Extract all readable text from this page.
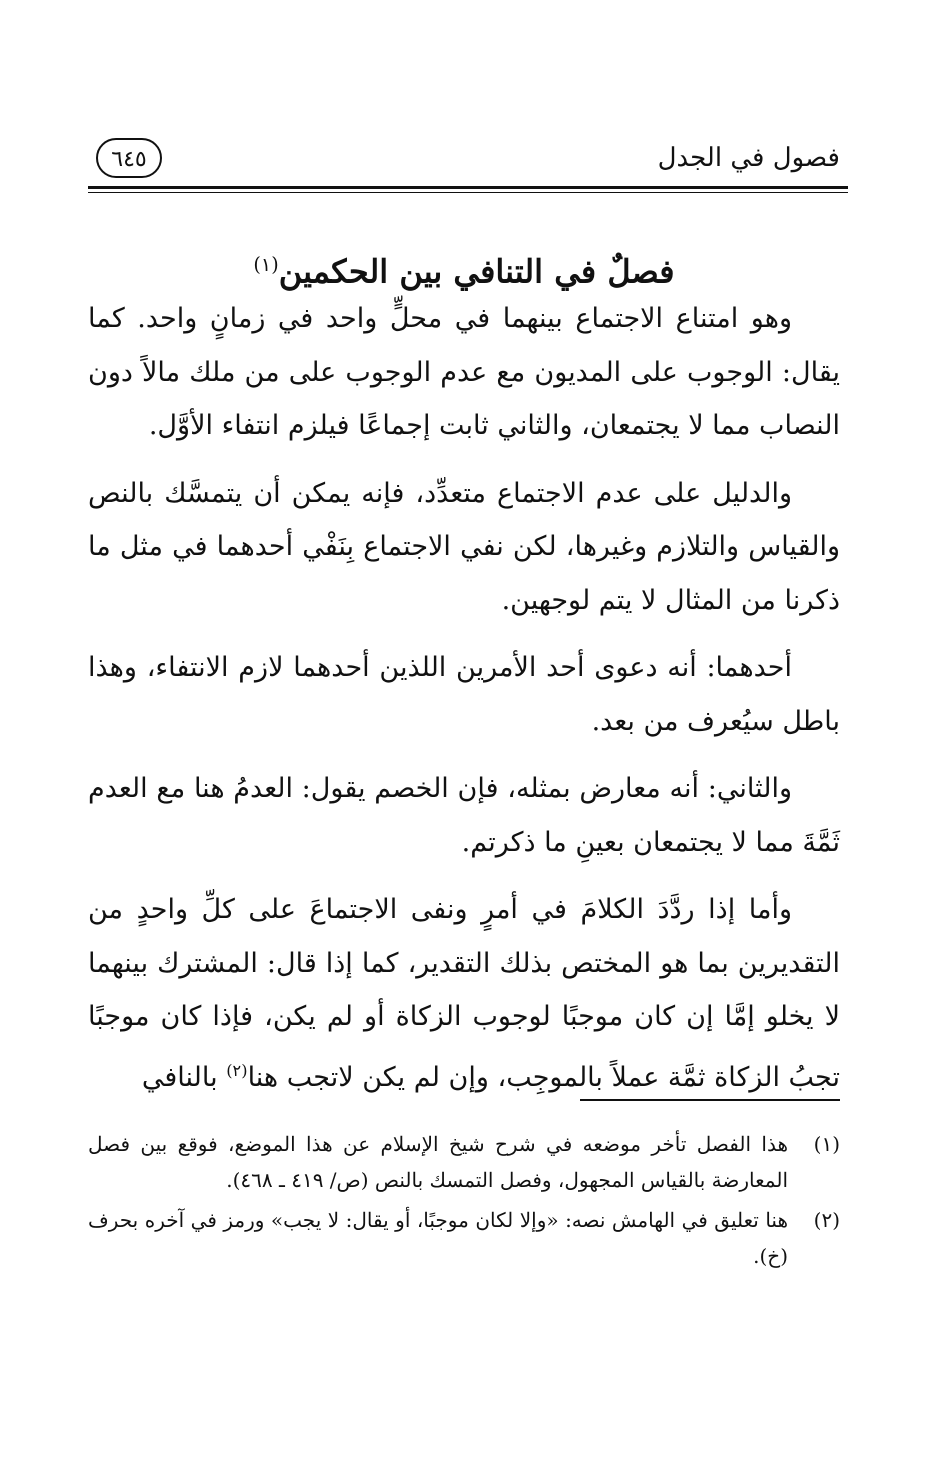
فصول في الجدل
٦٤٥
فصلٌ في التنافي بين الحكمين$^{(١)}$

وهو امتناع الاجتماع بينهما في محلٍّ واحد في زمانٍ واحد. كما يقال: الوجوب على المديون مع عدم الوجوب على من ملك مالاً دون النصاب مما لا يجتمعان، والثاني ثابت إجماعًا فيلزم انتفاء الأوَّل.

والدليل على عدم الاجتماع متعدِّد، فإنه يمكن أن يتمسَّك بالنص والقياس والتلازم وغيرها، لكن نفي الاجتماع بِنَفْي أحدهما في مثل ما ذكرنا من المثال لا يتم لوجهين.

أحدهما: أنه دعوى أحد الأمرين اللذين أحدهما لازم الانتفاء، وهذا باطل سيُعرف من بعد.

والثاني: أنه معارض بمثله، فإن الخصم يقول: العدمُ هنا مع العدم ثَمَّةَ مما لا يجتمعان بعينِ ما ذكرتم.

وأما إذا ردَّدَ الكلامَ في أمرٍ ونفى الاجتماعَ على كلِّ واحدٍ من التقديرين بما هو المختص بذلك التقدير، كما إذا قال: المشترك بينهما لا يخلو إمَّا إن كان موجبًا لوجوب الزكاة أو لم يكن، فإذا كان موجبًا تجبُ الزكاة ثمَّة عملاً بالموجِب، وإن لم يكن لاتجب هنا$^{(٢)}$ بالنافي

(١)
هذا الفصل تأخر موضعه في شرح شيخ الإسلام عن هذا الموضع، فوقع بين فصل المعارضة بالقياس المجهول، وفصل التمسك بالنص (ص/ ٤١٩ ـ ٤٦٨).
(٢)
هنا تعليق في الهامش نصه: «وإلا لكان موجبًا، أو يقال: لا يجب» ورمز في آخره بحرف (خ).
